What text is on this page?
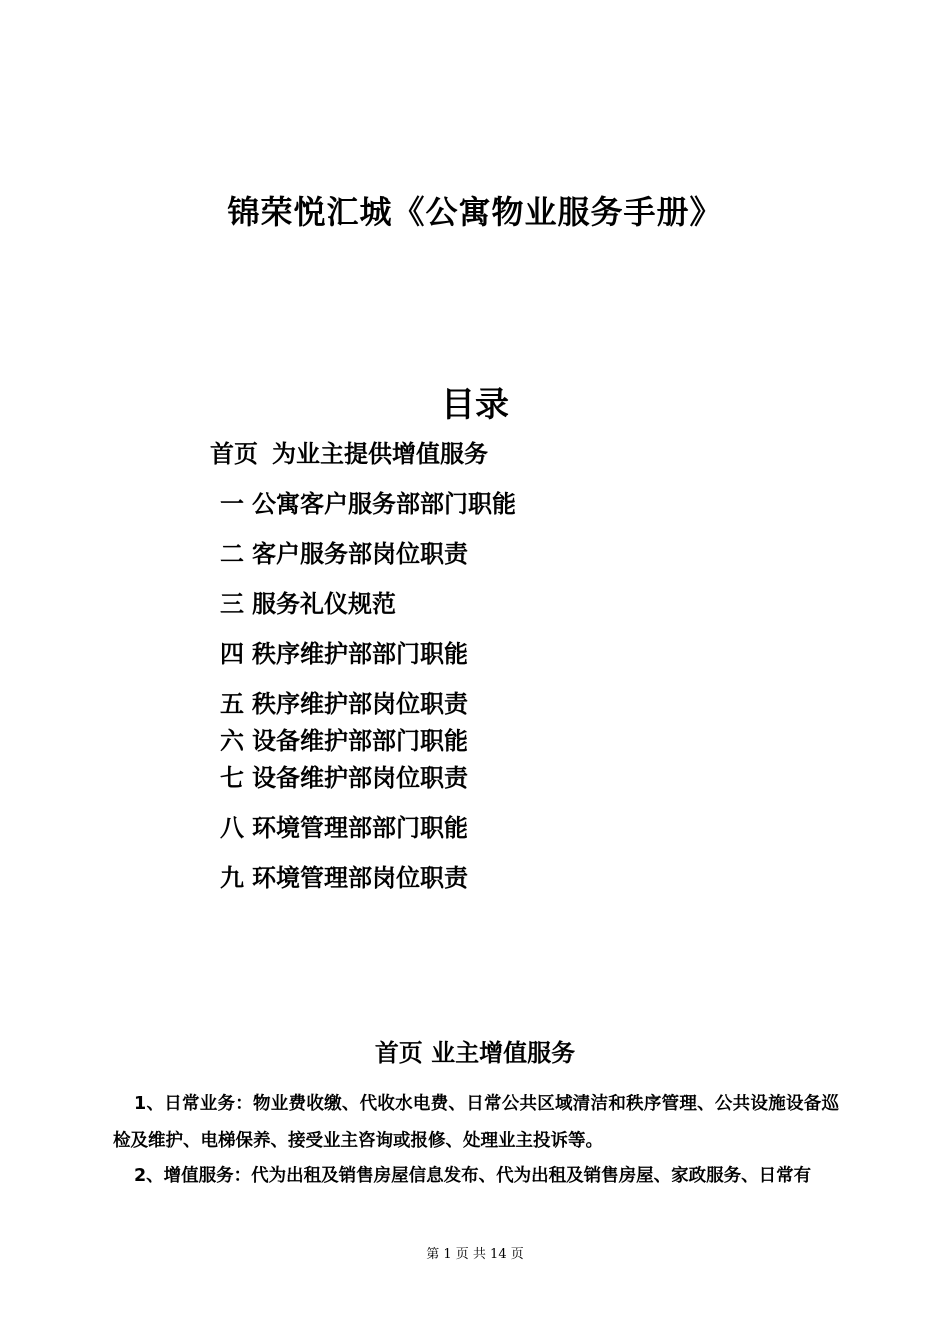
锦荣悦汇城《公寓物业服务手册》
目录
首页 为业主提供增值服务
一 公寓客户服务部部门职能
二 客户服务部岗位职责
三 服务礼仪规范
四 秩序维护部部门职能
五 秩序维护部岗位职责
六 设备维护部部门职能
七 设备维护部岗位职责
八 环境管理部部门职能
九 环境管理部岗位职责
首页 业主增值服务
1、日常业务：物业费收缴、代收水电费、日常公共区域清洁和秩序管理、公共设施设备巡检及维护、电梯保养、接受业主咨询或报修、处理业主投诉等。
2、增值服务：代为出租及销售房屋信息发布、代为出租及销售房屋、家政服务、日常有
第 1 页 共 14 页
